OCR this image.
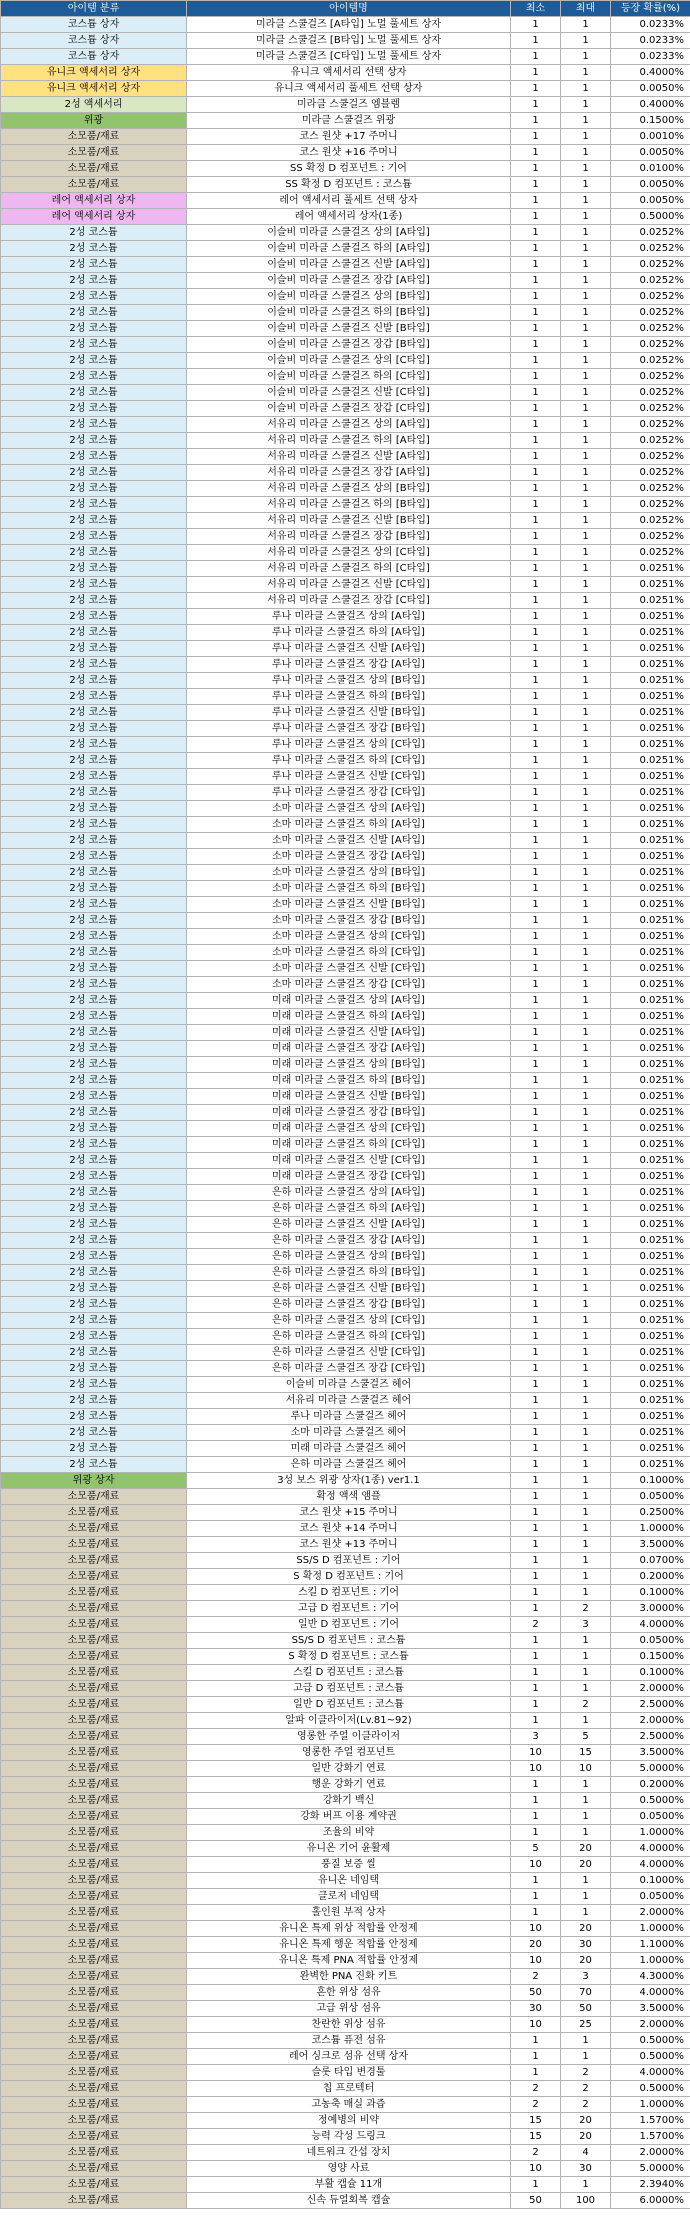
아이템 분류	아이템명	최소	최대	등장 확률(%)
코스튬 상자	미라클 스쿨걸즈 [A타입] 노멀 풀세트 상자	1	1	0.0233%
코스튬 상자	미라클 스쿨걸즈 [B타입] 노멀 풀세트 상자	1	1	0.0233%
코스튬 상자	미라클 스쿨걸즈 [C타입] 노멀 풀세트 상자	1	1	0.0233%
유니크 액세서리 상자	유니크 액세서리 선택 상자	1	1	0.4000%
유니크 액세서리 상자	유니크 액세서리 풀세트 선택 상자	1	1	0.0050%
2성 액세서리	미라클 스쿨걸즈 엠블렘	1	1	0.4000%
위광	미라클 스쿨걸즈 위광	1	1	0.1500%
소모품/재료	코스 원샷 +17 주머니	1	1	0.0010%
소모품/재료	코스 원샷 +16 주머니	1	1	0.0050%
소모품/재료	SS 확정 D 컴포넌트 : 기어	1	1	0.0100%
소모품/재료	SS 확정 D 컴포넌트 : 코스튬	1	1	0.0050%
레어 액세서리 상자	레어 액세서리 풀세트 선택 상자	1	1	0.0050%
레어 액세서리 상자	레어 액세서리 상자(1종)	1	1	0.5000%
2성 코스튬	이슬비 미라클 스쿨걸즈 상의 [A타입]	1	1	0.0252%
2성 코스튬	이슬비 미라클 스쿨걸즈 하의 [A타입]	1	1	0.0252%
2성 코스튬	이슬비 미라클 스쿨걸즈 신발 [A타입]	1	1	0.0252%
2성 코스튬	이슬비 미라클 스쿨걸즈 장갑 [A타입]	1	1	0.0252%
2성 코스튬	이슬비 미라클 스쿨걸즈 상의 [B타입]	1	1	0.0252%
2성 코스튬	이슬비 미라클 스쿨걸즈 하의 [B타입]	1	1	0.0252%
2성 코스튬	이슬비 미라클 스쿨걸즈 신발 [B타입]	1	1	0.0252%
2성 코스튬	이슬비 미라클 스쿨걸즈 장갑 [B타입]	1	1	0.0252%
2성 코스튬	이슬비 미라클 스쿨걸즈 상의 [C타입]	1	1	0.0252%
2성 코스튬	이슬비 미라클 스쿨걸즈 하의 [C타입]	1	1	0.0252%
2성 코스튬	이슬비 미라클 스쿨걸즈 신발 [C타입]	1	1	0.0252%
2성 코스튬	이슬비 미라클 스쿨걸즈 장갑 [C타입]	1	1	0.0252%
2성 코스튬	서유리 미라클 스쿨걸즈 상의 [A타입]	1	1	0.0252%
2성 코스튬	서유리 미라클 스쿨걸즈 하의 [A타입]	1	1	0.0252%
2성 코스튬	서유리 미라클 스쿨걸즈 신발 [A타입]	1	1	0.0252%
2성 코스튬	서유리 미라클 스쿨걸즈 장갑 [A타입]	1	1	0.0252%
2성 코스튬	서유리 미라클 스쿨걸즈 상의 [B타입]	1	1	0.0252%
2성 코스튬	서유리 미라클 스쿨걸즈 하의 [B타입]	1	1	0.0252%
2성 코스튬	서유리 미라클 스쿨걸즈 신발 [B타입]	1	1	0.0252%
2성 코스튬	서유리 미라클 스쿨걸즈 장갑 [B타입]	1	1	0.0252%
2성 코스튬	서유리 미라클 스쿨걸즈 상의 [C타입]	1	1	0.0252%
2성 코스튬	서유리 미라클 스쿨걸즈 하의 [C타입]	1	1	0.0251%
2성 코스튬	서유리 미라클 스쿨걸즈 신발 [C타입]	1	1	0.0251%
2성 코스튬	서유리 미라클 스쿨걸즈 장갑 [C타입]	1	1	0.0251%
2성 코스튬	루나 미라클 스쿨걸즈 상의 [A타입]	1	1	0.0251%
2성 코스튬	루나 미라클 스쿨걸즈 하의 [A타입]	1	1	0.0251%
2성 코스튬	루나 미라클 스쿨걸즈 신발 [A타입]	1	1	0.0251%
2성 코스튬	루나 미라클 스쿨걸즈 장갑 [A타입]	1	1	0.0251%
2성 코스튬	루나 미라클 스쿨걸즈 상의 [B타입]	1	1	0.0251%
2성 코스튬	루나 미라클 스쿨걸즈 하의 [B타입]	1	1	0.0251%
2성 코스튬	루나 미라클 스쿨걸즈 신발 [B타입]	1	1	0.0251%
2성 코스튬	루나 미라클 스쿨걸즈 장갑 [B타입]	1	1	0.0251%
2성 코스튬	루나 미라클 스쿨걸즈 상의 [C타입]	1	1	0.0251%
2성 코스튬	루나 미라클 스쿨걸즈 하의 [C타입]	1	1	0.0251%
2성 코스튬	루나 미라클 스쿨걸즈 신발 [C타입]	1	1	0.0251%
2성 코스튬	루나 미라클 스쿨걸즈 장갑 [C타입]	1	1	0.0251%
2성 코스튬	소마 미라클 스쿨걸즈 상의 [A타입]	1	1	0.0251%
2성 코스튬	소마 미라클 스쿨걸즈 하의 [A타입]	1	1	0.0251%
2성 코스튬	소마 미라클 스쿨걸즈 신발 [A타입]	1	1	0.0251%
2성 코스튬	소마 미라클 스쿨걸즈 장갑 [A타입]	1	1	0.0251%
2성 코스튬	소마 미라클 스쿨걸즈 상의 [B타입]	1	1	0.0251%
2성 코스튬	소마 미라클 스쿨걸즈 하의 [B타입]	1	1	0.0251%
2성 코스튬	소마 미라클 스쿨걸즈 신발 [B타입]	1	1	0.0251%
2성 코스튬	소마 미라클 스쿨걸즈 장갑 [B타입]	1	1	0.0251%
2성 코스튬	소마 미라클 스쿨걸즈 상의 [C타입]	1	1	0.0251%
2성 코스튬	소마 미라클 스쿨걸즈 하의 [C타입]	1	1	0.0251%
2성 코스튬	소마 미라클 스쿨걸즈 신발 [C타입]	1	1	0.0251%
2성 코스튬	소마 미라클 스쿨걸즈 장갑 [C타입]	1	1	0.0251%
2성 코스튬	미래 미라클 스쿨걸즈 상의 [A타입]	1	1	0.0251%
2성 코스튬	미래 미라클 스쿨걸즈 하의 [A타입]	1	1	0.0251%
2성 코스튬	미래 미라클 스쿨걸즈 신발 [A타입]	1	1	0.0251%
2성 코스튬	미래 미라클 스쿨걸즈 장갑 [A타입]	1	1	0.0251%
2성 코스튬	미래 미라클 스쿨걸즈 상의 [B타입]	1	1	0.0251%
2성 코스튬	미래 미라클 스쿨걸즈 하의 [B타입]	1	1	0.0251%
2성 코스튬	미래 미라클 스쿨걸즈 신발 [B타입]	1	1	0.0251%
2성 코스튬	미래 미라클 스쿨걸즈 장갑 [B타입]	1	1	0.0251%
2성 코스튬	미래 미라클 스쿨걸즈 상의 [C타입]	1	1	0.0251%
2성 코스튬	미래 미라클 스쿨걸즈 하의 [C타입]	1	1	0.0251%
2성 코스튬	미래 미라클 스쿨걸즈 신발 [C타입]	1	1	0.0251%
2성 코스튬	미래 미라클 스쿨걸즈 장갑 [C타입]	1	1	0.0251%
2성 코스튬	은하 미라클 스쿨걸즈 상의 [A타입]	1	1	0.0251%
2성 코스튬	은하 미라클 스쿨걸즈 하의 [A타입]	1	1	0.0251%
2성 코스튬	은하 미라클 스쿨걸즈 신발 [A타입]	1	1	0.0251%
2성 코스튬	은하 미라클 스쿨걸즈 장갑 [A타입]	1	1	0.0251%
2성 코스튬	은하 미라클 스쿨걸즈 상의 [B타입]	1	1	0.0251%
2성 코스튬	은하 미라클 스쿨걸즈 하의 [B타입]	1	1	0.0251%
2성 코스튬	은하 미라클 스쿨걸즈 신발 [B타입]	1	1	0.0251%
2성 코스튬	은하 미라클 스쿨걸즈 장갑 [B타입]	1	1	0.0251%
2성 코스튬	은하 미라클 스쿨걸즈 상의 [C타입]	1	1	0.0251%
2성 코스튬	은하 미라클 스쿨걸즈 하의 [C타입]	1	1	0.0251%
2성 코스튬	은하 미라클 스쿨걸즈 신발 [C타입]	1	1	0.0251%
2성 코스튬	은하 미라클 스쿨걸즈 장갑 [C타입]	1	1	0.0251%
2성 코스튬	이슬비 미라클 스쿨걸즈 헤어	1	1	0.0251%
2성 코스튬	서유리 미라클 스쿨걸즈 헤어	1	1	0.0251%
2성 코스튬	루나 미라클 스쿨걸즈 헤어	1	1	0.0251%
2성 코스튬	소마 미라클 스쿨걸즈 헤어	1	1	0.0251%
2성 코스튬	미래 미라클 스쿨걸즈 헤어	1	1	0.0251%
2성 코스튬	은하 미라클 스쿨걸즈 헤어	1	1	0.0251%
위광 상자	3성 보스 위광 상자(1종) ver1.1	1	1	0.1000%
소모품/재료	확정 액색 앰플	1	1	0.0500%
소모품/재료	코스 원샷 +15 주머니	1	1	0.2500%
소모품/재료	코스 원샷 +14 주머니	1	1	1.0000%
소모품/재료	코스 원샷 +13 주머니	1	1	3.5000%
소모품/재료	SS/S D 컴포넌트 : 기어	1	1	0.0700%
소모품/재료	S 확정 D 컴포넌트 : 기어	1	1	0.2000%
소모품/재료	스킬 D 컴포넌트 : 기어	1	1	0.1000%
소모품/재료	고급 D 컴포넌트 : 기어	1	2	3.0000%
소모품/재료	일반 D 컴포넌트 : 기어	2	3	4.0000%
소모품/재료	SS/S D 컴포넌트 : 코스튬	1	1	0.0500%
소모품/재료	S 확정 D 컴포넌트 : 코스튬	1	1	0.1500%
소모품/재료	스킬 D 컴포넌트 : 코스튬	1	1	0.1000%
소모품/재료	고급 D 컴포넌트 : 코스튬	1	1	2.0000%
소모품/재료	일반 D 컴포넌트 : 코스튬	1	2	2.5000%
소모품/재료	알파 이클라이저(Lv.81~92)	1	1	2.0000%
소모품/재료	영롱한 주얼 이클라이저	3	5	2.5000%
소모품/재료	영롱한 주얼 컴포넌트	10	15	3.5000%
소모품/재료	일반 강화기 연료	10	10	5.0000%
소모품/재료	행운 강화기 연료	1	1	0.2000%
소모품/재료	강화기 백신	1	1	0.5000%
소모품/재료	강화 버프 이용 계약권	1	1	0.0500%
소모품/재료	조율의 비약	1	1	1.0000%
소모품/재료	유니온 기어 윤활제	5	20	4.0000%
소모품/재료	풍질 보증 씰	10	20	4.0000%
소모품/재료	유니온 네임택	1	1	0.1000%
소모품/재료	클로저 네임택	1	1	0.0500%
소모품/재료	홀인원 부적 상자	1	1	2.0000%
소모품/재료	유니온 특제 위상 적합률 안정제	10	20	1.0000%
소모품/재료	유니온 특제 행운 적합률 안정제	20	30	1.1000%
소모품/재료	유니온 특제 PNA 적합률 안정제	10	20	1.0000%
소모품/재료	완벽한 PNA 진화 키트	2	3	4.3000%
소모품/재료	흔한 위상 섬유	50	70	4.0000%
소모품/재료	고급 위상 섬유	30	50	3.5000%
소모품/재료	찬란한 위상 섬유	10	25	2.0000%
소모품/재료	코스튬 퓨전 섬유	1	1	0.5000%
소모품/재료	레어 싱크로 섬유 선택 상자	1	1	0.5000%
소모품/재료	슬롯 타입 변경툴	1	2	4.0000%
소모품/재료	칩 프로텍터	2	2	0.5000%
소모품/재료	고농축 매실 과즙	2	2	1.0000%
소모품/재료	정예병의 비약	15	20	1.5700%
소모품/재료	능력 각성 드링크	15	20	1.5700%
소모품/재료	네트워크 간섭 장치	2	4	2.0000%
소모품/재료	영양 사료	10	30	5.0000%
소모품/재료	부활 캡슐 11개	1	1	2.3940%
소모품/재료	신속 듀얼회복 캡슐	50	100	6.0000%
